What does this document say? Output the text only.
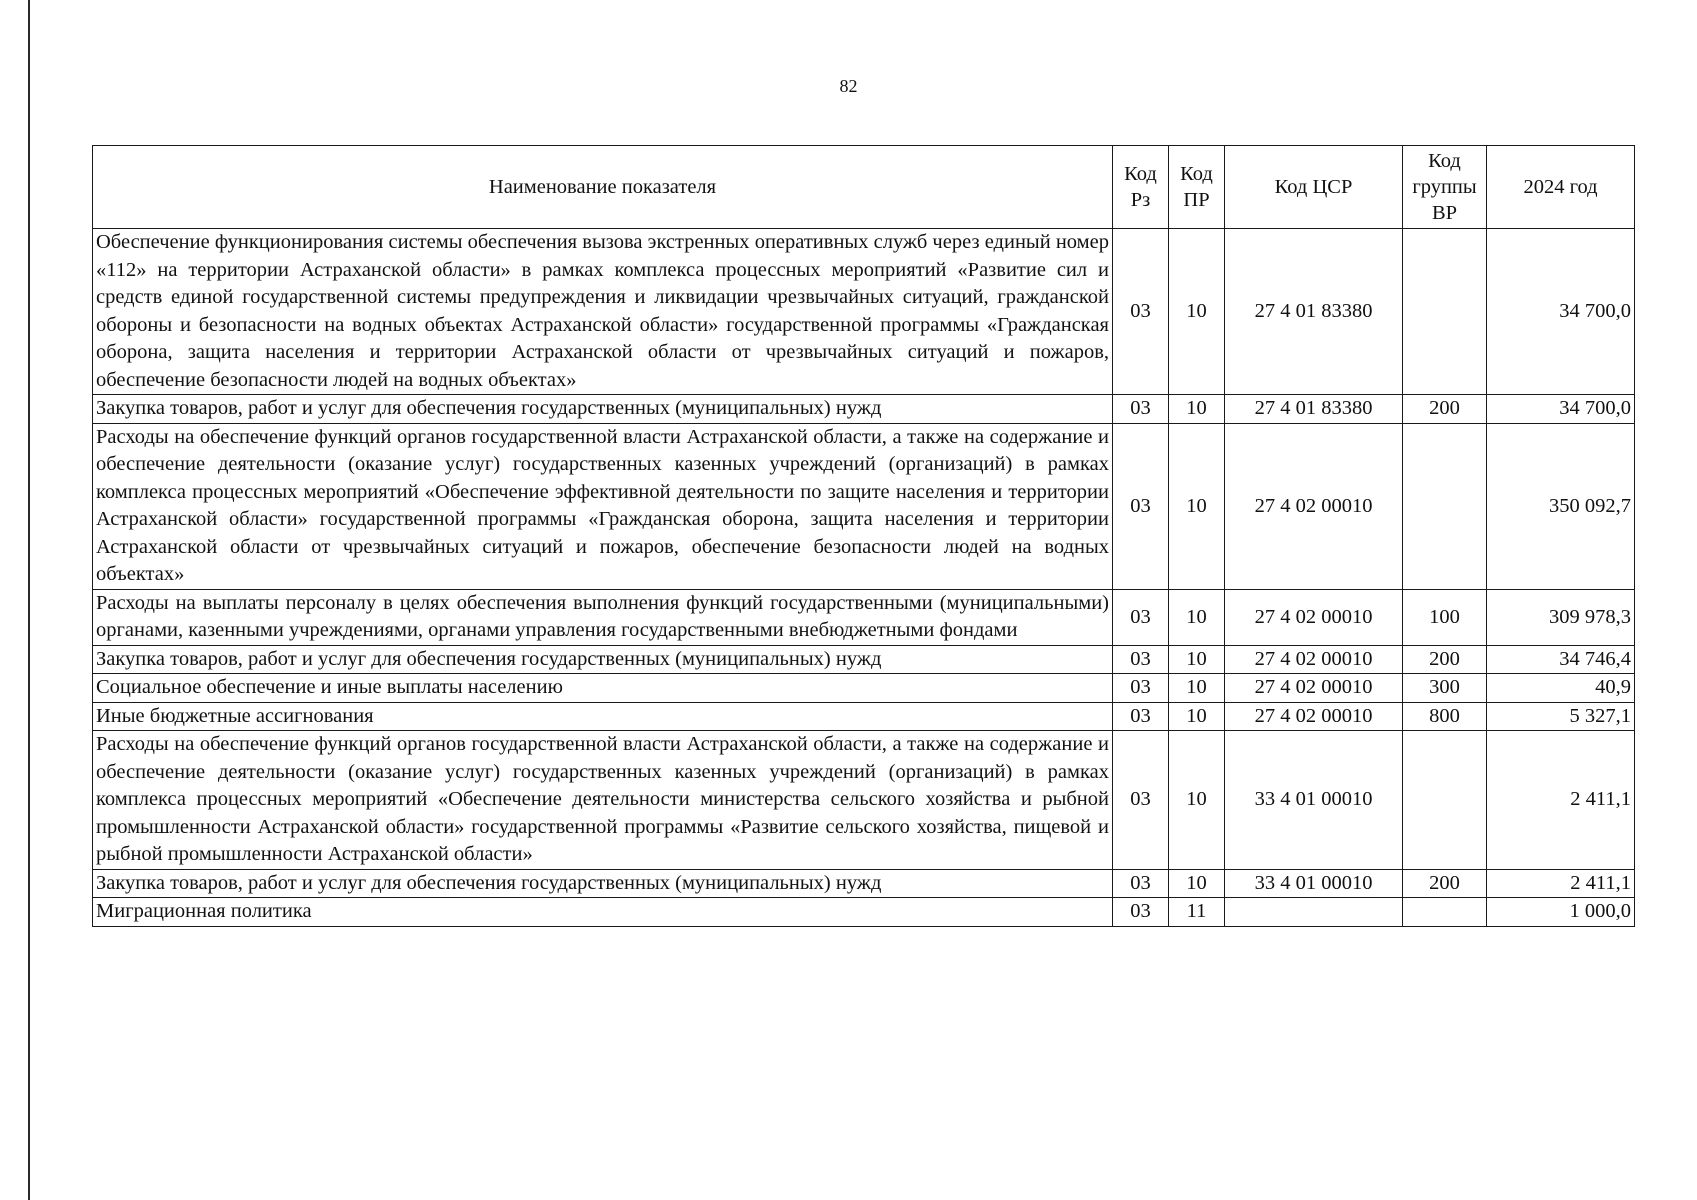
82
Наименование показателя	Код Рз	Код ПР	Код ЦСР	Код группы ВР	2024 год
Обеспечение функционирования системы обеспечения вызова экстренных оперативных служб через единый номер «112» на территории Астраханской области» в рамках комплекса процессных мероприятий «Развитие сил и средств единой государственной системы предупреждения и ликвидации чрезвычайных ситуаций, гражданской обороны и безопасности на водных объектах Астраханской области» государственной программы «Гражданская оборона, защита населения и территории Астраханской области от чрезвычайных ситуаций и пожаров, обеспечение безопасности людей на водных объектах»	03	10	27 4 01 83380		34 700,0
Закупка товаров, работ и услуг для обеспечения государственных (муниципальных) нужд	03	10	27 4 01 83380	200	34 700,0
Расходы на обеспечение функций органов государственной власти Астраханской области, а также на содержание и обеспечение деятельности (оказание услуг) государственных казенных учреждений (организаций) в рамках комплекса процессных мероприятий «Обеспечение эффективной деятельности по защите населения и территории Астраханской области» государственной программы «Гражданская оборона, защита населения и территории Астраханской области от чрезвычайных ситуаций и пожаров, обеспечение безопасности людей на водных объектах»	03	10	27 4 02 00010		350 092,7
Расходы на выплаты персоналу в целях обеспечения выполнения функций государственными (муниципальными) органами, казенными учреждениями, органами управления государственными внебюджетными фондами	03	10	27 4 02 00010	100	309 978,3
Закупка товаров, работ и услуг для обеспечения государственных (муниципальных) нужд	03	10	27 4 02 00010	200	34 746,4
Социальное обеспечение и иные выплаты населению	03	10	27 4 02 00010	300	40,9
Иные бюджетные ассигнования	03	10	27 4 02 00010	800	5 327,1
Расходы на обеспечение функций органов государственной власти Астраханской области, а также на содержание и обеспечение деятельности (оказание услуг) государственных казенных учреждений (организаций) в рамках комплекса процессных мероприятий «Обеспечение деятельности министерства сельского хозяйства и рыбной промышленности Астраханской области» государственной программы «Развитие сельского хозяйства, пищевой и рыбной промышленности Астраханской области»	03	10	33 4 01 00010		2 411,1
Закупка товаров, работ и услуг для обеспечения государственных (муниципальных) нужд	03	10	33 4 01 00010	200	2 411,1
Миграционная политика	03	11			1 000,0
